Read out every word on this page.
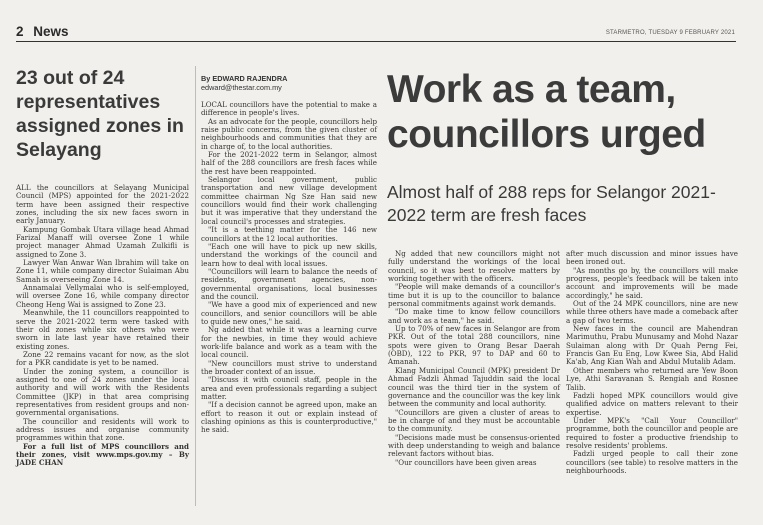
2 News	STARMETRO, TUESDAY 9 FEBRUARY 2021
23 out of 24 representatives assigned zones in Selayang

ALL the councillors at Selayang Municipal Council (MPS) appointed for the 2021-2022 term have been assigned their respective zones, including the six new faces sworn in early January.

Kampung Gombak Utara village head Ahmad Farizal Manaff will oversee Zone 1 while project manager Ahmad Uzamah Zulkifli is assigned to Zone 3.

Lawyer Wan Anwar Wan Ibrahim will take on Zone 11, while company director Sulaiman Abu Samah is overseeing Zone 14.

Annamalai Vellymalai who is self-employed, will oversee Zone 16, while company director Cheong Heng Wai is assigned to Zone 23.

Meanwhile, the 11 councillors reappointed to serve the 2021-2022 term were tasked with their old zones while six others who were sworn in late last year have retained their existing zones.

Zone 22 remains vacant for now, as the slot for a PKR candidate is yet to be named.

Under the zoning system, a councillor is assigned to one of 24 zones under the local authority and will work with the Residents Committee (JKP) in that area comprising representatives from resident groups and non-governmental organisations.

The councillor and residents will work to address issues and organise community programmes within that zone.

For a full list of MPS councillors and their zones, visit www.mps.gov.my – By JADE CHAN

By EDWARD RAJENDRA
edward@thestar.com.my

LOCAL councillors have the potential to make a difference in people's lives.

As an advocate for the people, councillors help raise public concerns, from the given cluster of neighbourhoods and communities that they are in charge of, to the local authorities.

For the 2021-2022 term in Selangor, almost half of the 288 councillors are fresh faces while the rest have been reappointed.

Selangor local government, public transportation and new village development committee chairman Ng Sze Han said new councillors would find their work challenging but it was imperative that they understand the local council's processes and strategies.

"It is a teething matter for the 146 new councillors at the 12 local authorities.

"Each one will have to pick up new skills, understand the workings of the council and learn how to deal with local issues.

"Councillors will learn to balance the needs of residents, government agencies, non-governmental organisations, local businesses and the council.

"We have a good mix of experienced and new councillors, and senior councillors will be able to guide new ones," he said.

Ng added that while it was a learning curve for the newbies, in time they would achieve work-life balance and work as a team with the local council.

"New councillors must strive to understand the broader context of an issue.

"Discuss it with council staff, people in the area and even professionals regarding a subject matter.

"If a decision cannot be agreed upon, make an effort to reason it out or explain instead of clashing opinions as this is counterproductive," he said.

Work as a team, councillors urged
Almost half of 288 reps for Selangor 2021-2022 term are fresh faces

Ng added that new councillors might not fully understand the workings of the local council, so it was best to resolve matters by working together with the officers.

"People will make demands of a councillor's time but it is up to the councillor to balance personal commitments against work demands.

"Do make time to know fellow councillors and work as a team," he said.

Up to 70% of new faces in Selangor are from PKR. Out of the total 288 councillors, nine spots were given to Orang Besar Daerah (OBD), 122 to PKR, 97 to DAP and 60 to Amanah.

Klang Municipal Council (MPK) president Dr Ahmad Fadzli Ahmad Tajuddin said the local council was the third tier in the system of governance and the councillor was the key link between the community and local authority.

"Councillors are given a cluster of areas to be in charge of and they must be accountable to the community.

"Decisions made must be consensus-oriented with deep understanding to weigh and balance relevant factors without bias.

"Our councillors have been given areas

after much discussion and minor issues have been ironed out.

"As months go by, the councillors will make progress, people's feedback will be taken into account and improvements will be made accordingly," he said.

Out of the 24 MPK councillors, nine are new while three others have made a comeback after a gap of two terms.

New faces in the council are Mahendran Marimuthu, Prabu Munusamy and Mohd Nazar Sulaiman along with Dr Quah Perng Fei, Francis Gan Eu Eng, Low Kwee Sia, Abd Halid Ka'ab, Ang Kian Wah and Abdul Mutalib Adam.

Other members who returned are Yew Boon Lye, Athi Saravanan S. Rengiah and Rosnee Talib.

Fadzli hoped MPK councillors would give qualified advice on matters relevant to their expertise.

Under MPK's "Call Your Councillor" programme, both the councillor and people are required to foster a productive friendship to resolve residents' problems.

Fadzli urged people to call their zone councillors (see table) to resolve matters in the neighbourhoods.
